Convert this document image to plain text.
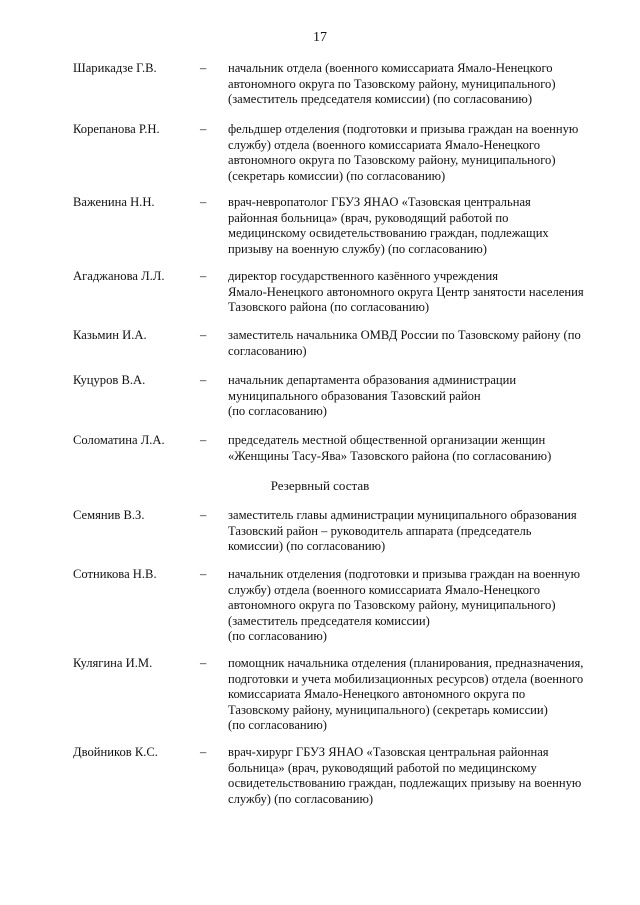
17
Шарикадзе Г.В.	– начальник отдела (военного комиссариата Ямало-Ненецкого
автономного округа по Тазовскому району, муниципального)
(заместитель председателя комиссии) (по согласованию)
Корепанова Р.Н.	– фельдшер отделения (подготовки и призыва граждан на военную
службу) отдела (военного комиссариата Ямало-Ненецкого
автономного округа по Тазовскому району, муниципального)
(секретарь комиссии) (по согласованию)
Важенина Н.Н.	– врач-невропатолог ГБУЗ ЯНАО «Тазовская центральная
районная больница» (врач, руководящий работой по
медицинскому освидетельствованию граждан, подлежащих
призыву на военную службу) (по согласованию)
Агаджанова Л.Л.	– директор государственного казённого учреждения
Ямало-Ненецкого автономного округа Центр занятости населения
Тазовского района (по согласованию)
Казьмин И.А.	– заместитель начальника ОМВД России по Тазовскому району (по
согласованию)
Куцуров В.А.	– начальник департамента образования администрации
муниципального образования Тазовский район
(по согласованию)
Соломатина Л.А.	– председатель местной общественной организации женщин
«Женщины Тасу-Ява» Тазовского района (по согласованию)
Резервный состав
Семянив В.З.	– заместитель главы администрации муниципального образования
Тазовский район – руководитель аппарата (председатель
комиссии) (по согласованию)
Сотникова Н.В.	– начальник отделения (подготовки и призыва граждан на военную
службу) отдела (военного комиссариата Ямало-Ненецкого
автономного округа по Тазовскому району, муниципального)
(заместитель председателя комиссии)
(по согласованию)
Кулягина И.М.	– помощник начальника отделения (планирования, предназначения,
подготовки и учета мобилизационных ресурсов) отдела (военного
комиссариата Ямало-Ненецкого автономного округа по
Тазовскому району, муниципального) (секретарь комиссии)
(по согласованию)
Двойников К.С.	– врач-хирург ГБУЗ ЯНАО «Тазовская центральная районная
больница» (врач, руководящий работой по медицинскому
освидетельствованию граждан, подлежащих призыву на военную
службу) (по согласованию)
